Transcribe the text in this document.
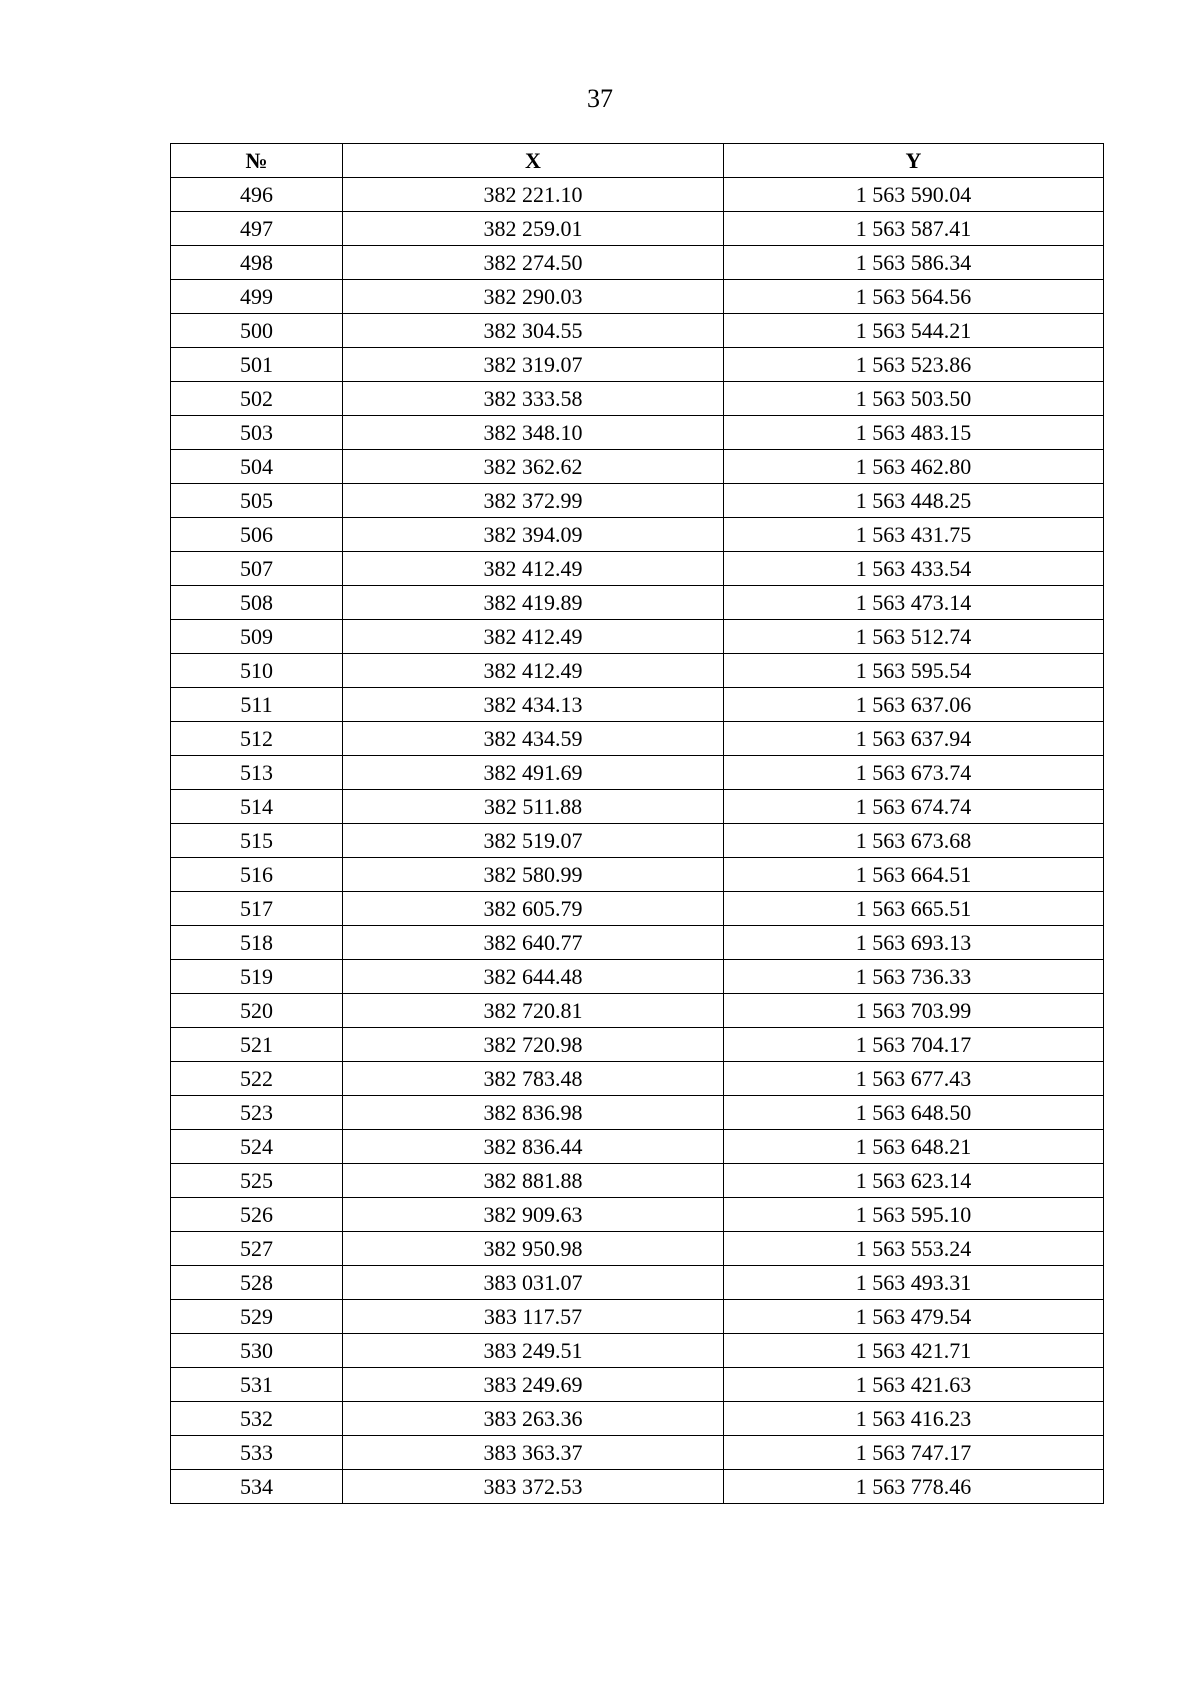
37
№	X	Y
496	382 221.10	1 563 590.04
497	382 259.01	1 563 587.41
498	382 274.50	1 563 586.34
499	382 290.03	1 563 564.56
500	382 304.55	1 563 544.21
501	382 319.07	1 563 523.86
502	382 333.58	1 563 503.50
503	382 348.10	1 563 483.15
504	382 362.62	1 563 462.80
505	382 372.99	1 563 448.25
506	382 394.09	1 563 431.75
507	382 412.49	1 563 433.54
508	382 419.89	1 563 473.14
509	382 412.49	1 563 512.74
510	382 412.49	1 563 595.54
511	382 434.13	1 563 637.06
512	382 434.59	1 563 637.94
513	382 491.69	1 563 673.74
514	382 511.88	1 563 674.74
515	382 519.07	1 563 673.68
516	382 580.99	1 563 664.51
517	382 605.79	1 563 665.51
518	382 640.77	1 563 693.13
519	382 644.48	1 563 736.33
520	382 720.81	1 563 703.99
521	382 720.98	1 563 704.17
522	382 783.48	1 563 677.43
523	382 836.98	1 563 648.50
524	382 836.44	1 563 648.21
525	382 881.88	1 563 623.14
526	382 909.63	1 563 595.10
527	382 950.98	1 563 553.24
528	383 031.07	1 563 493.31
529	383 117.57	1 563 479.54
530	383 249.51	1 563 421.71
531	383 249.69	1 563 421.63
532	383 263.36	1 563 416.23
533	383 363.37	1 563 747.17
534	383 372.53	1 563 778.46
